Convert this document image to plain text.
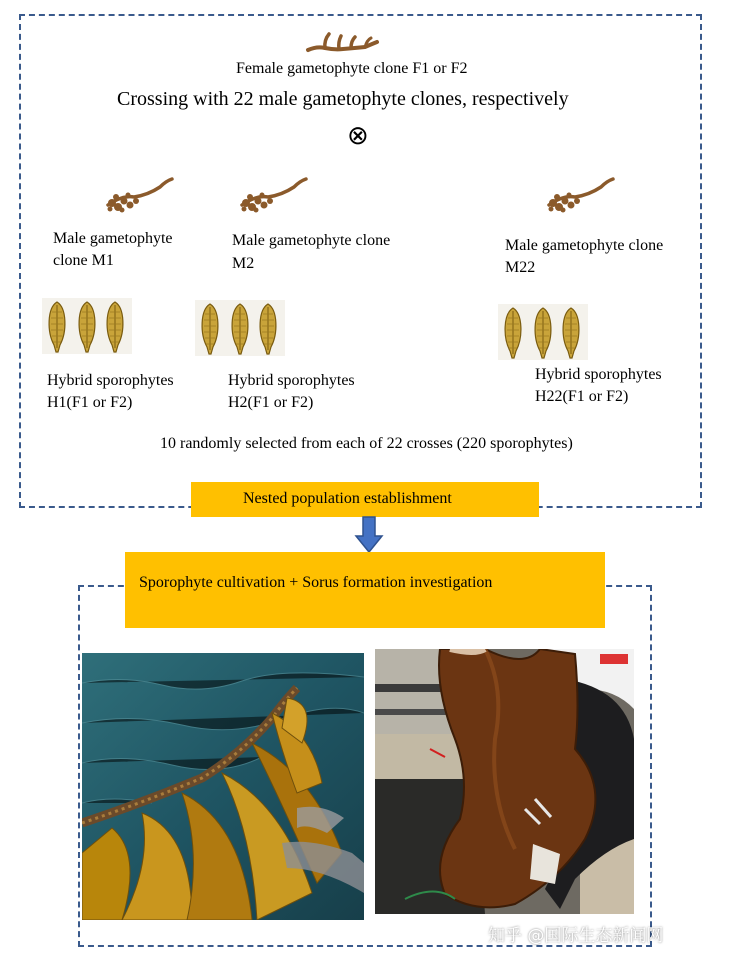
Female gametophyte clone F1 or F2
Crossing with 22 male gametophyte clones, respectively
⊗
Male gametophyte
clone M1
Male gametophyte clone
M2
Male gametophyte clone
M22
Hybrid sporophytes
H1(F1 or F2)
Hybrid sporophytes
H2(F1 or F2)
Hybrid sporophytes
H22(F1 or F2)
10 randomly selected from each of 22 crosses (220 sporophytes)
Nested population establishment
Sporophyte cultivation + Sorus formation investigation
知乎 @国际生态新闻网
